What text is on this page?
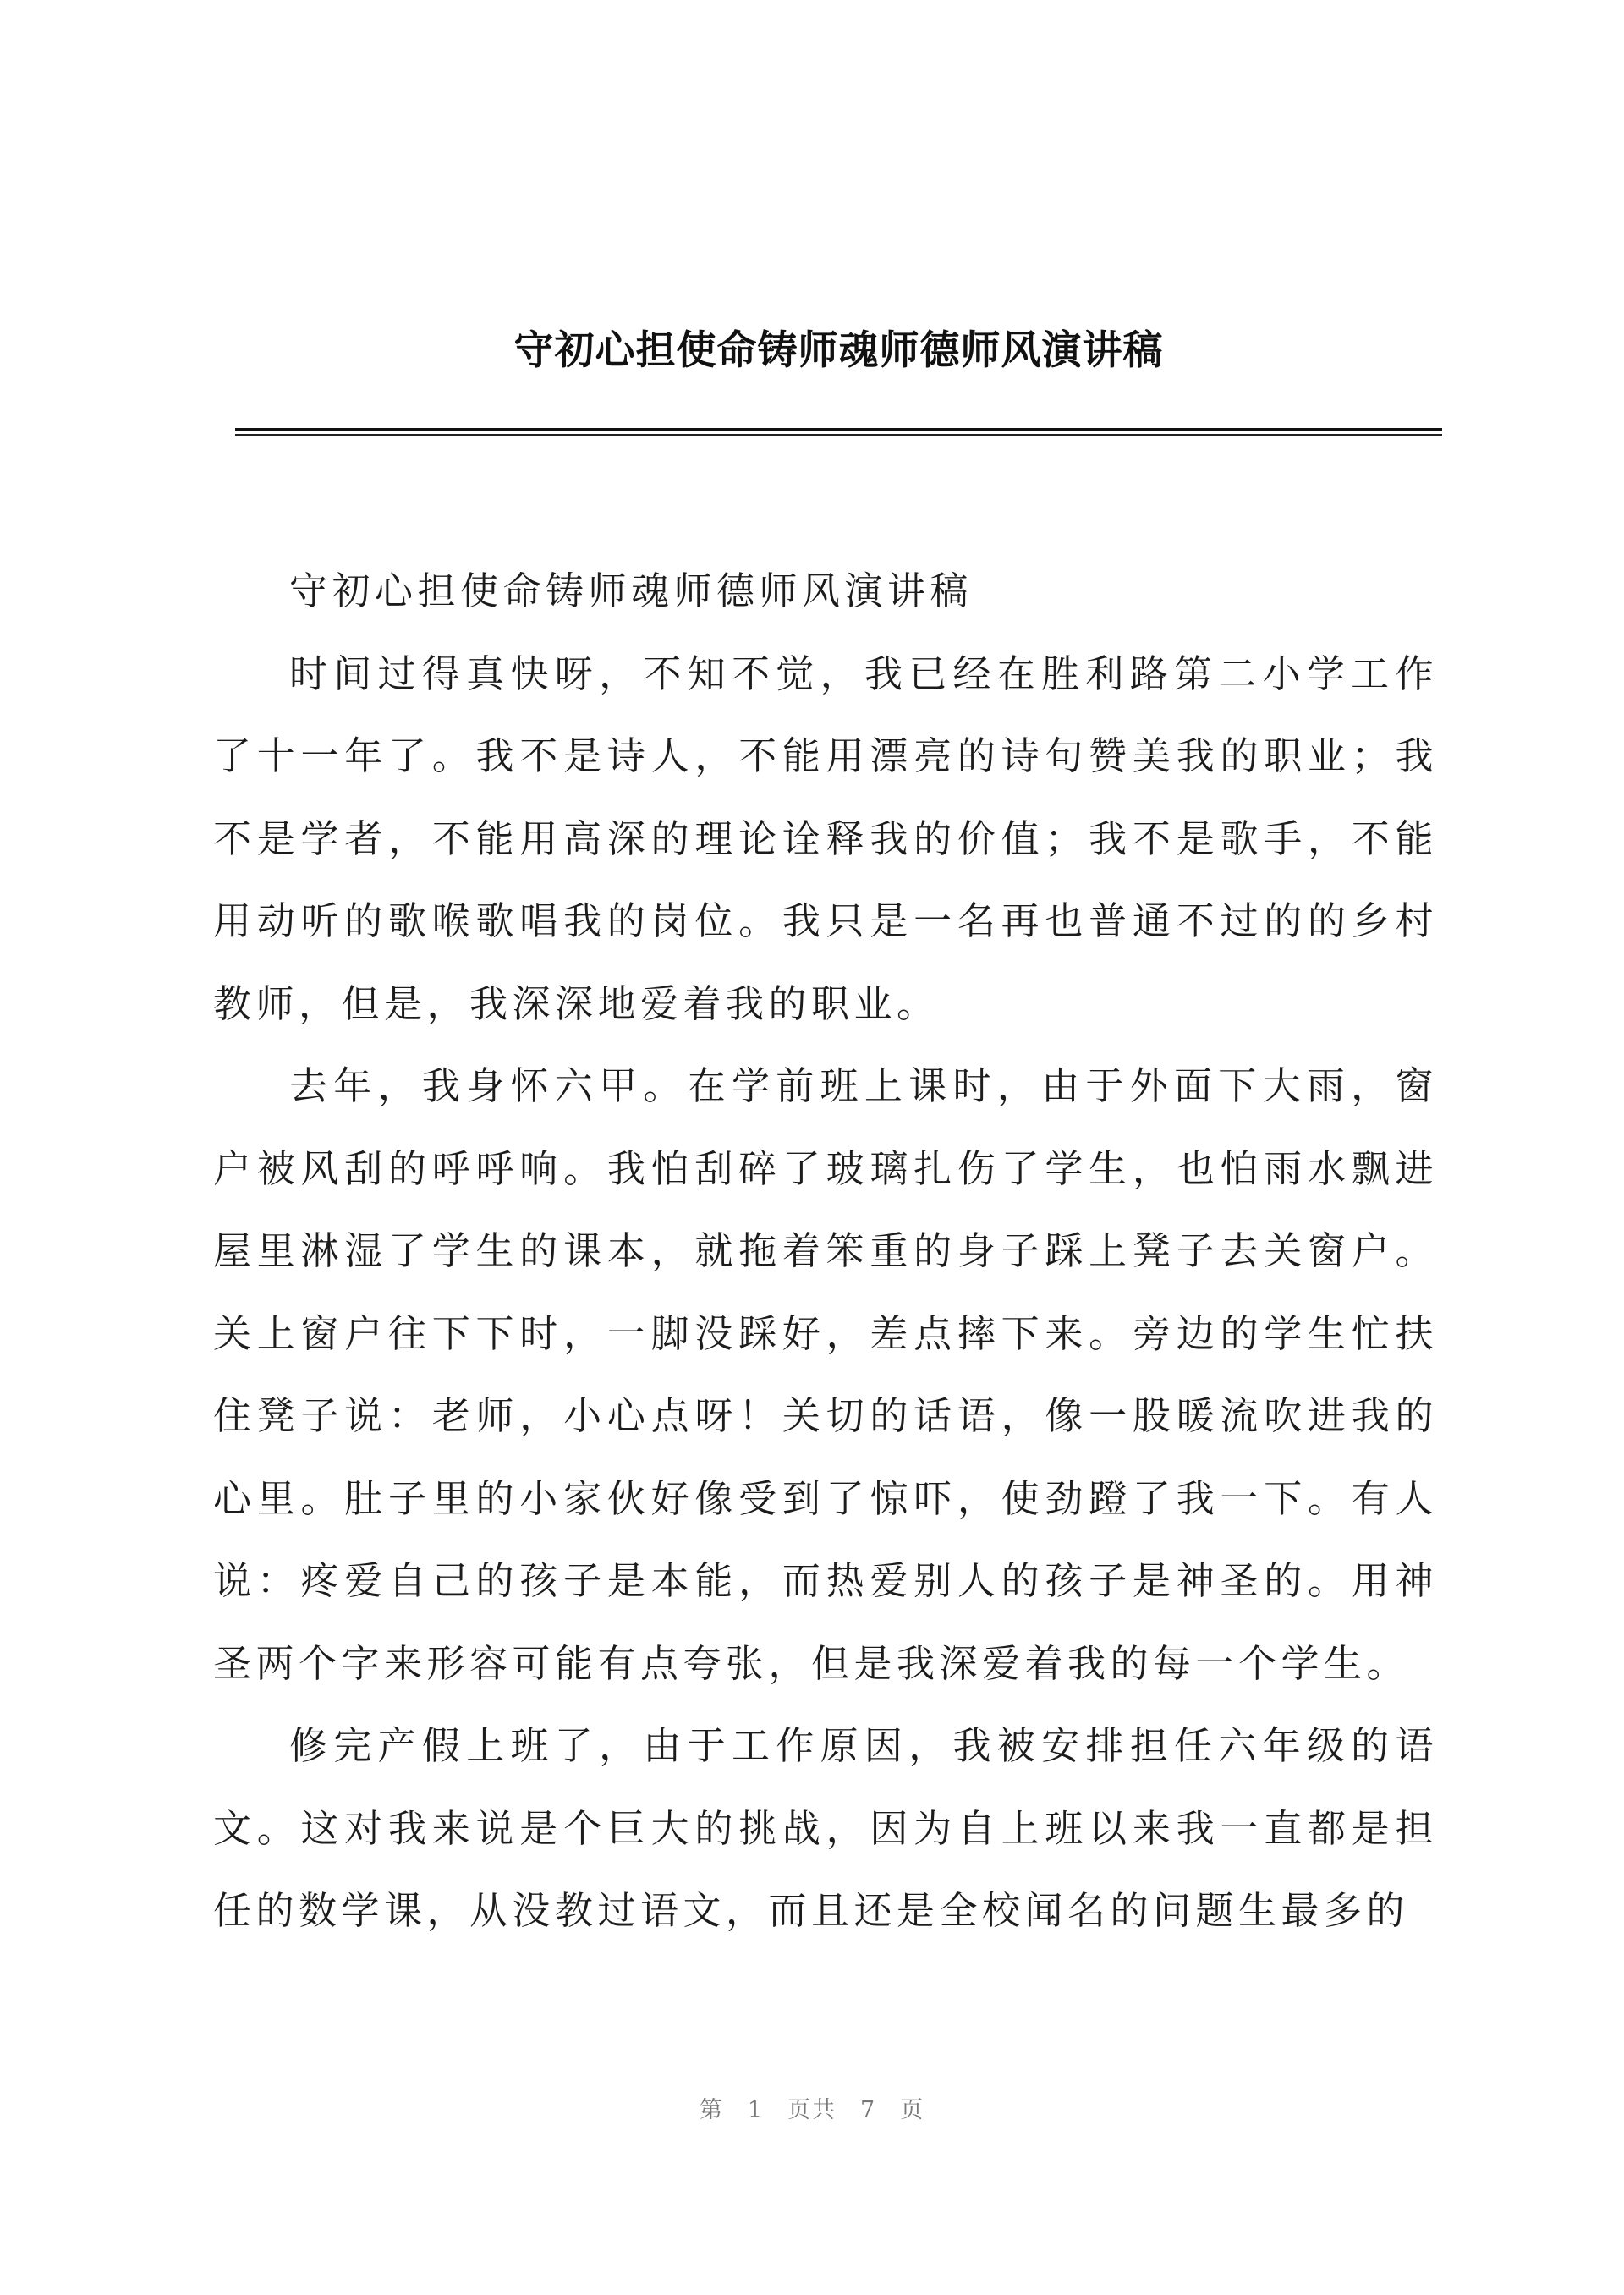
守初心担使命铸师魂师德师风演讲稿

守初心担使命铸师魂师德师风演讲稿

时间过得真快呀，不知不觉，我已经在胜利路第二小学工作了十一年了。我不是诗人，不能用漂亮的诗句赞美我的职业；我不是学者，不能用高深的理论诠释我的价值；我不是歌手，不能用动听的歌喉歌唱我的岗位。我只是一名再也普通不过的的乡村教师，但是，我深深地爱着我的职业。

去年，我身怀六甲。在学前班上课时，由于外面下大雨，窗户被风刮的呼呼响。我怕刮碎了玻璃扎伤了学生，也怕雨水飘进屋里淋湿了学生的课本，就拖着笨重的身子踩上凳子去关窗户。关上窗户往下下时，一脚没踩好，差点摔下来。旁边的学生忙扶住凳子说：老师，小心点呀！关切的话语，像一股暖流吹进我的心里。肚子里的小家伙好像受到了惊吓，使劲蹬了我一下。有人说：疼爱自己的孩子是本能，而热爱别人的孩子是神圣的。用神圣两个字来形容可能有点夸张，但是我深爱着我的每一个学生。

修完产假上班了，由于工作原因，我被安排担任六年级的语文。这对我来说是个巨大的挑战，因为自上班以来我一直都是担任的数学课，从没教过语文，而且还是全校闻名的问题生最多的

第 1 页共 7 页
